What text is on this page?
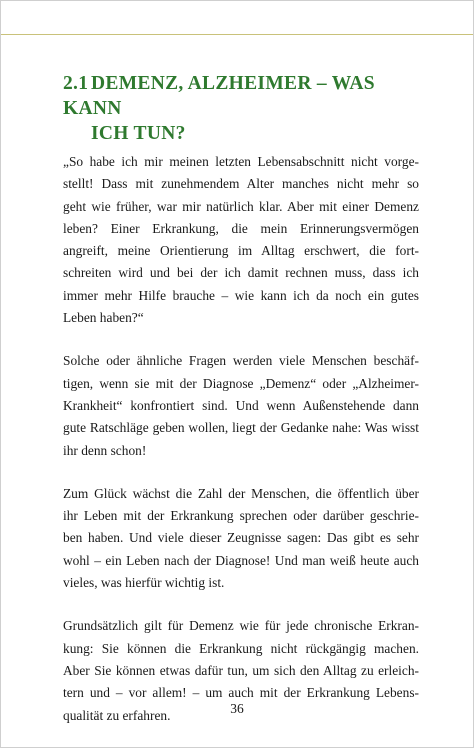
2.1 DEMENZ, ALZHEIMER – WAS KANN
ICH TUN?

„So habe ich mir meinen letzten Lebensabschnitt nicht vorge-
stellt! Dass mit zunehmendem Alter manches nicht mehr so
geht wie früher, war mir natürlich klar. Aber mit einer Demenz
leben? Einer Erkrankung, die mein Erinnerungsvermögen
angreift, meine Orientierung im Alltag erschwert, die fort-
schreiten wird und bei der ich damit rechnen muss, dass ich
immer mehr Hilfe brauche – wie kann ich da noch ein gutes
Leben haben?“

Solche oder ähnliche Fragen werden viele Menschen beschäf-
tigen, wenn sie mit der Diagnose „Demenz“ oder „Alzheimer-
Krankheit“ konfrontiert sind. Und wenn Außenstehende dann
gute Ratschläge geben wollen, liegt der Gedanke nahe: Was wisst
ihr denn schon!

Zum Glück wächst die Zahl der Menschen, die öffentlich über
ihr Leben mit der Erkrankung sprechen oder darüber geschrie-
ben haben. Und viele dieser Zeugnisse sagen: Das gibt es sehr
wohl – ein Leben nach der Diagnose! Und man weiß heute auch
vieles, was hierfür wichtig ist.

Grundsätzlich gilt für Demenz wie für jede chronische Erkran-
kung: Sie können die Erkrankung nicht rückgängig machen.
Aber Sie können etwas dafür tun, um sich den Alltag zu erleich-
tern und – vor allem! – um auch mit der Erkrankung Lebens-
qualität zu erfahren.	36
